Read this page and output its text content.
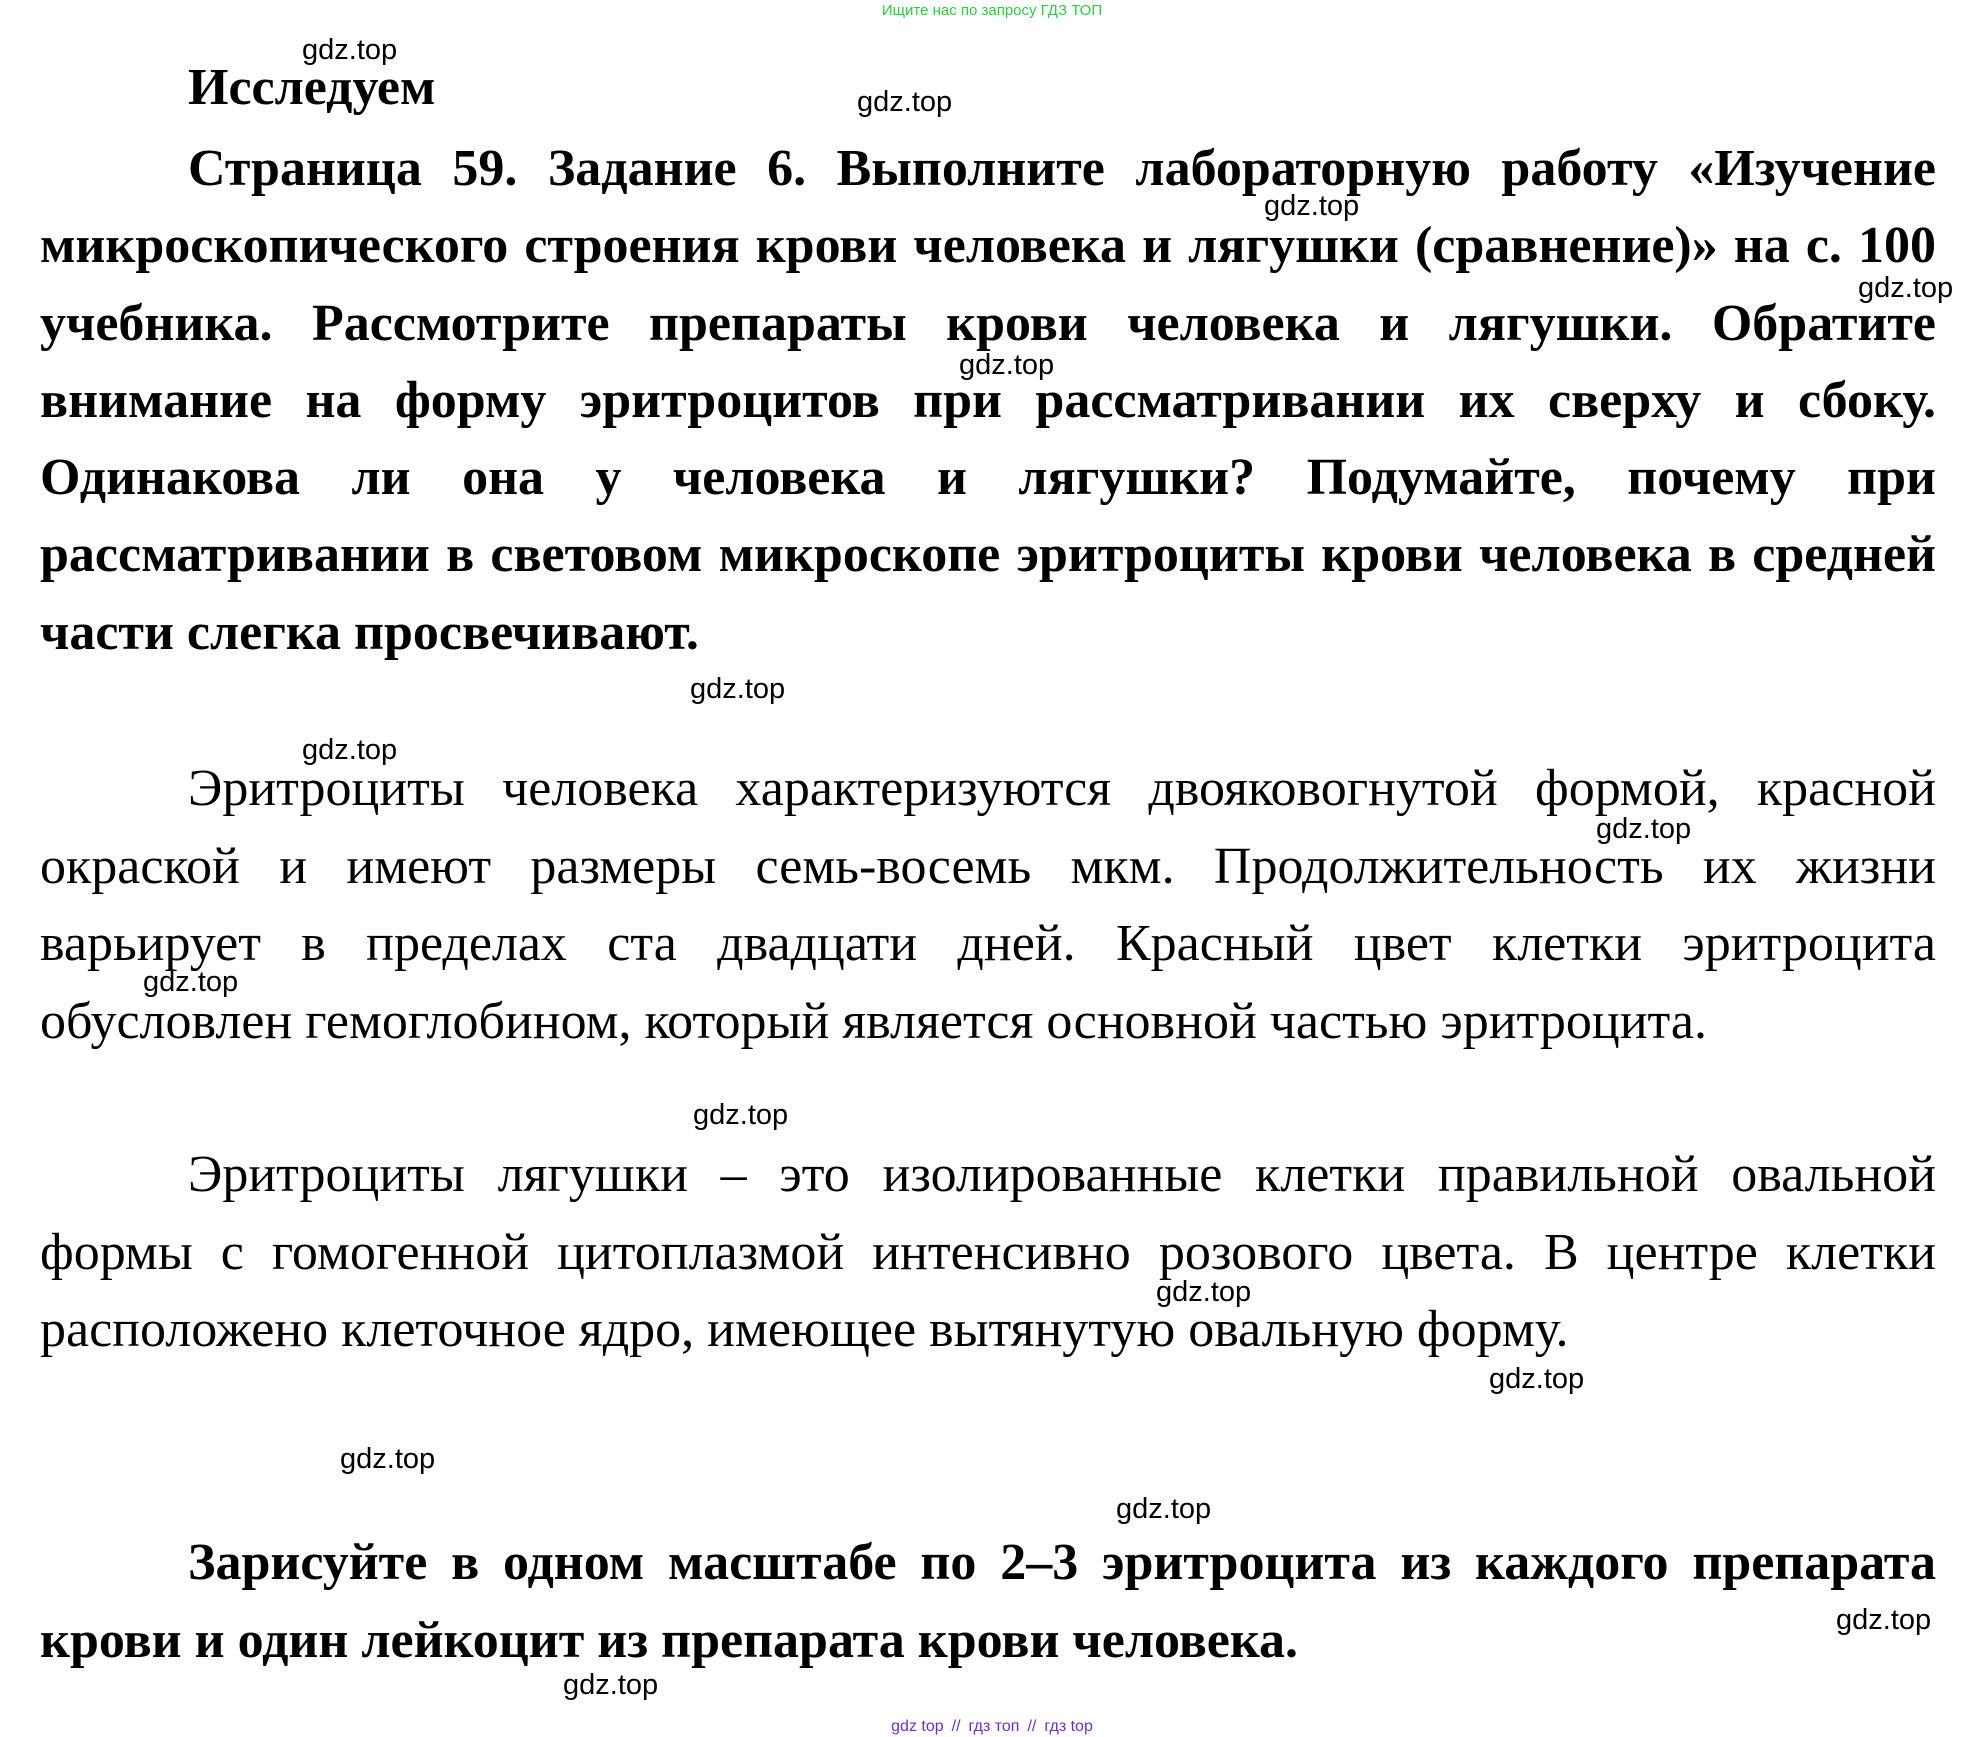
Ищите нас по запросу ГДЗ ТОП
Исследуем

Страница 59. Задание 6. Выполните лабораторную работу «Изучение микроскопического строения крови человека и лягушки (сравнение)» на с. 100 учебника. Рассмотрите препараты крови человека и лягушки. Обратите внимание на форму эритроцитов при рассматривании их сверху и сбоку. Одинакова ли она у человека и лягушки? Подумайте, почему при рассматривании в световом микроскопе эритроциты крови человека в средней части слегка просвечивают.

Эритроциты человека характеризуются двояковогнутой формой, красной окраской и имеют размеры семь-восемь мкм. Продолжительность их жизни варьирует в пределах ста двадцати дней. Красный цвет клетки эритроцита обусловлен гемоглобином, который является основной частью эритроцита.

Эритроциты лягушки – это изолированные клетки правильной овальной формы с гомогенной цитоплазмой интенсивно розового цвета. В центре клетки расположено клеточное ядро, имеющее вытянутую овальную форму.

Зарисуйте в одном масштабе по 2–3 эритроцита из каждого препарата крови и один лейкоцит из препарата крови человека.

gdz.top
gdz.top
gdz.top
gdz.top
gdz.top
gdz.top
gdz.top
gdz.top
gdz.top
gdz.top
gdz.top
gdz.top
gdz.top
gdz.top
gdz.top
gdz.top
gdz top // гдз топ // гдз top
